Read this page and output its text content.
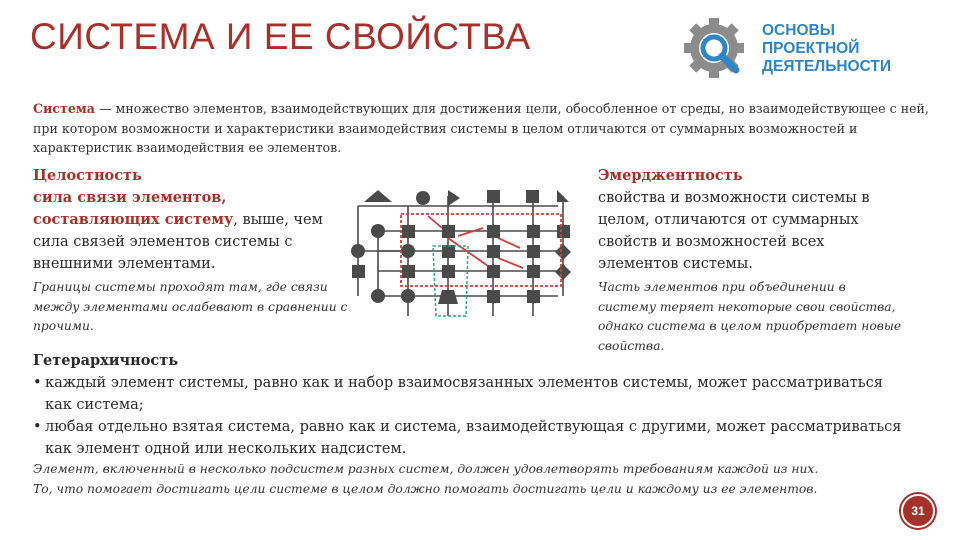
СИСТЕМА И ЕЕ СВОЙСТВА	ОСНОВЫ
ПРОЕКТНОЙ
ДЕЯТЕЛЬНОСТИ
Система — множество элементов, взаимодействующих для достижения цели, обособленное от среды, но взаимодействующее с ней, при котором возможности и характеристики взаимодействия системы в целом отличаются от суммарных возможностей и характеристик взаимодействия ее элементов.
Целостность
сила связи элементов,
составляющих систему, выше, чем сила связей элементов системы с внешними элементами.
Границы системы проходят там, где связи между элементами ослабевают в сравнении с прочими.
Эмерджентность
свойства и возможности системы в целом, отличаются от суммарных свойств и возможностей всех элементов системы.
Часть элементов при объединении в систему теряет некоторые свои свойства, однако система в целом приобретает новые свойства.
Гетерархичность
• каждый элемент системы, равно как и набор взаимосвязанных элементов системы, может рассматриваться как система;
• любая отдельно взятая система, равно как и система, взаимодействующая с другими, может рассматриваться как элемент одной или нескольких надсистем.
Элемент, включенный в несколько подсистем разных систем, должен удовлетворять требованиям каждой из них.
То, что помогает достигать цели системе в целом должно помогать достигать цели и каждому из ее элементов.
31
